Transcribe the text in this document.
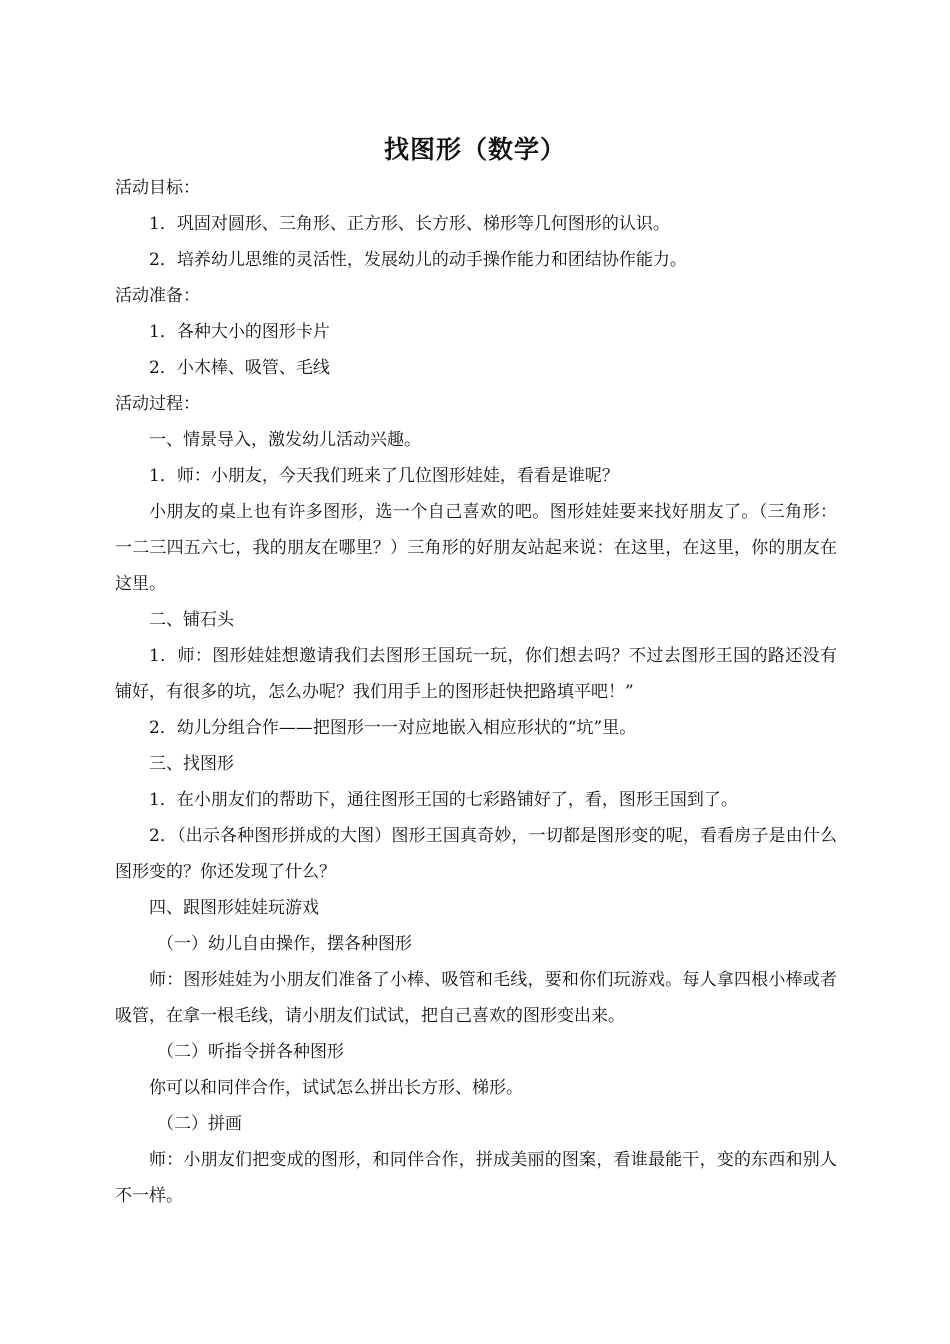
找图形（数学）

活动目标：

1．巩固对圆形、三角形、正方形、长方形、梯形等几何图形的认识。

2．培养幼儿思维的灵活性，发展幼儿的动手操作能力和团结协作能力。

活动准备：

1．各种大小的图形卡片

2．小木棒、吸管、毛线

活动过程：

一、情景导入，激发幼儿活动兴趣。

1．师：小朋友，今天我们班来了几位图形娃娃，看看是谁呢？

小朋友的桌上也有许多图形，选一个自己喜欢的吧。图形娃娃要来找好朋友了。（三角形：一二三四五六七，我的朋友在哪里？）三角形的好朋友站起来说：在这里，在这里，你的朋友在这里。

二、铺石头

1．师：图形娃娃想邀请我们去图形王国玩一玩，你们想去吗？不过去图形王国的路还没有铺好，有很多的坑，怎么办呢？我们用手上的图形赶快把路填平吧！”

2．幼儿分组合作——把图形一一对应地嵌入相应形状的“坑”里。

三、找图形

1．在小朋友们的帮助下，通往图形王国的七彩路铺好了，看，图形王国到了。

2．（出示各种图形拼成的大图）图形王国真奇妙，一切都是图形变的呢，看看房子是由什么图形变的？你还发现了什么？

四、跟图形娃娃玩游戏

（一）幼儿自由操作，摆各种图形

师：图形娃娃为小朋友们准备了小棒、吸管和毛线，要和你们玩游戏。每人拿四根小棒或者吸管，在拿一根毛线，请小朋友们试试，把自己喜欢的图形变出来。

（二）听指令拼各种图形

你可以和同伴合作，试试怎么拼出长方形、梯形。

（二）拼画

师：小朋友们把变成的图形，和同伴合作，拼成美丽的图案，看谁最能干，变的东西和别人不一样。
